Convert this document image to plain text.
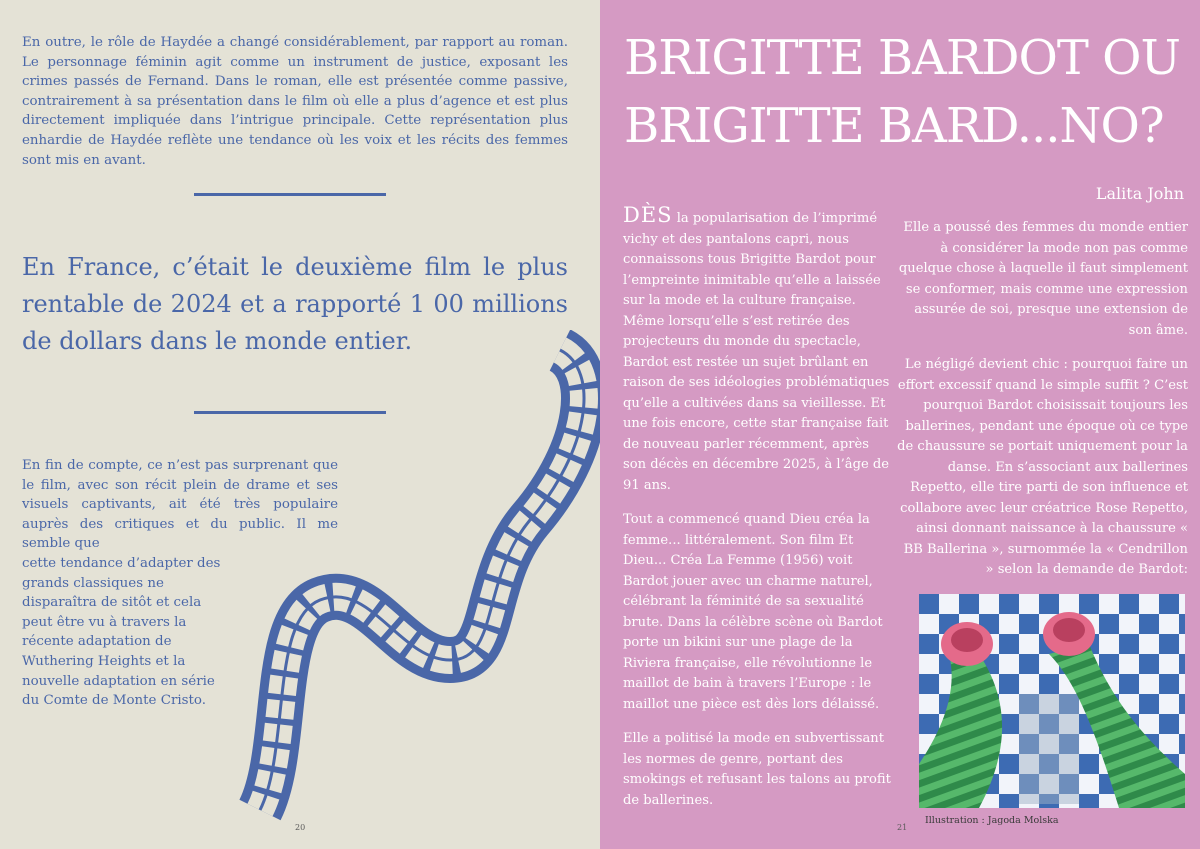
En outre, le rôle de Haydée a changé considérablement, par rapport au roman. Le personnage féminin agit comme un instrument de justice, exposant les crimes passés de Fernand. Dans le roman, elle est présentée comme passive, contrairement à sa présentation dans le film où elle a plus d’agence et est plus directement impliquée dans l’intrigue principale. Cette représentation plus enhardie de Haydée reflète une tendance où les voix et les récits des femmes sont mis en avant.

En France, c’était le deuxième film le plus rentable de 2024 et a rapporté 1 00 millions de dollars dans le monde entier.

En fin de compte, ce n’est pas surprenant que le film, avec son récit plein de drame et ses visuels captivants, ait été très populaire auprès des critiques et du public. Il me semble que
cette tendance d’adapter des grands classiques ne disparaîtra de sitôt et cela peut être vu à travers la récente adaptation de Wuthering Heights et la nouvelle adaptation en série du Comte de Monte Cristo.

20
BRIGITTE BARDOT OU BRIGITTE BARD...NO?

Lalita John

DÈS la popularisation de l’imprimé vichy et des pantalons capri, nous connaissons tous Brigitte Bardot pour l’empreinte inimitable qu’elle a laissée sur la mode et la culture française. Même lorsqu’elle s’est retirée des projecteurs du monde du spectacle, Bardot est restée un sujet brûlant en raison de ses idéologies problématiques qu’elle a cultivées dans sa vieillesse. Et une fois encore, cette star française fait de nouveau parler récemment, après son décès en décembre 2025, à l’âge de 91 ans.

Tout a commencé quand Dieu créa la femme... littéralement. Son film Et Dieu... Créa La Femme (1956) voit Bardot jouer avec un charme naturel, célébrant la féminité de sa sexualité brute. Dans la célèbre scène où Bardot porte un bikini sur une plage de la Riviera française, elle révolutionne le maillot de bain à travers l’Europe : le maillot une pièce est dès lors délaissé.

Elle a politisé la mode en subvertissant les normes de genre, portant des smokings et refusant les talons au profit de ballerines.

Elle a poussé des femmes du monde entier à considérer la mode non pas comme quelque chose à laquelle il faut simplement se conformer, mais comme une expression assurée de soi, presque une extension de son âme.

Le négligé devient chic : pourquoi faire un effort excessif quand le simple suffit ? C’est pourquoi Bardot choisissait toujours les ballerines, pendant une époque où ce type de chaussure se portait uniquement pour la danse. En s’associant aux ballerines Repetto, elle tire parti de son influence et collabore avec leur créatrice Rose Repetto, ainsi donnant naissance à la chaussure « BB Ballerina », surnommée la « Cendrillon » selon la demande de Bardot:

Illustration : Jagoda Molska

21
